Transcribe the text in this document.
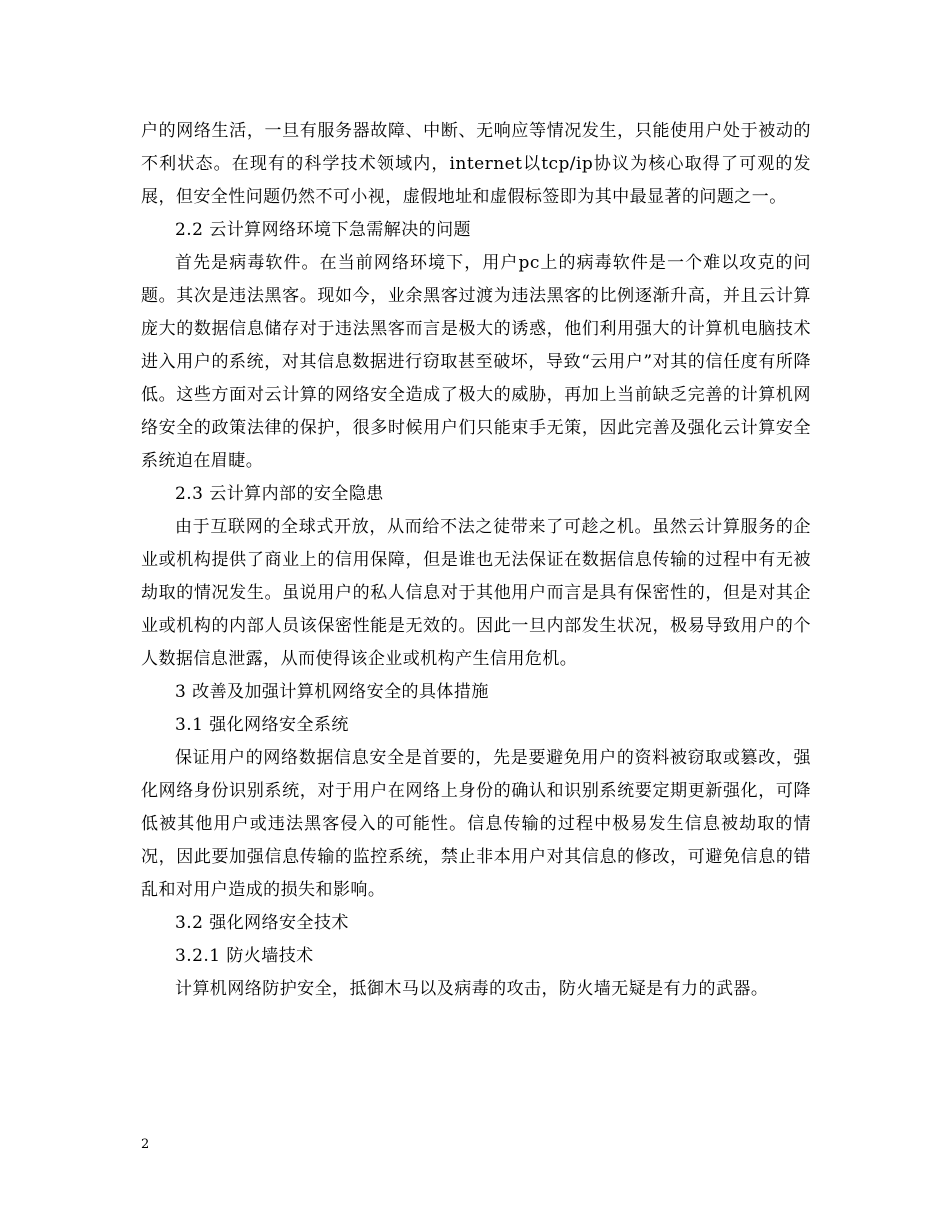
户的网络生活，一旦有服务器故障、中断、无响应等情况发生，只能使用户处于被动的不利状态。在现有的科学技术领域内，internet以tcp/ip协议为核心取得了可观的发展，但安全性问题仍然不可小视，虚假地址和虚假标签即为其中最显著的问题之一。

2.2 云计算网络环境下急需解决的问题

首先是病毒软件。在当前网络环境下，用户pc上的病毒软件是一个难以攻克的问题。其次是违法黑客。现如今，业余黑客过渡为违法黑客的比例逐渐升高，并且云计算庞大的数据信息储存对于违法黑客而言是极大的诱惑，他们利用强大的计算机电脑技术进入用户的系统，对其信息数据进行窃取甚至破坏，导致“云用户”对其的信任度有所降低。这些方面对云计算的网络安全造成了极大的威胁，再加上当前缺乏完善的计算机网络安全的政策法律的保护，很多时候用户们只能束手无策，因此完善及强化云计算安全系统迫在眉睫。

2.3 云计算内部的安全隐患

由于互联网的全球式开放，从而给不法之徒带来了可趁之机。虽然云计算服务的企业或机构提供了商业上的信用保障，但是谁也无法保证在数据信息传输的过程中有无被劫取的情况发生。虽说用户的私人信息对于其他用户而言是具有保密性的，但是对其企业或机构的内部人员该保密性能是无效的。因此一旦内部发生状况，极易导致用户的个人数据信息泄露，从而使得该企业或机构产生信用危机。

3 改善及加强计算机网络安全的具体措施

3.1 强化网络安全系统

保证用户的网络数据信息安全是首要的，先是要避免用户的资料被窃取或篡改，强化网络身份识别系统，对于用户在网络上身份的确认和识别系统要定期更新强化，可降低被其他用户或违法黑客侵入的可能性。信息传输的过程中极易发生信息被劫取的情况，因此要加强信息传输的监控系统，禁止非本用户对其信息的修改，可避免信息的错乱和对用户造成的损失和影响。

3.2 强化网络安全技术

3.2.1 防火墙技术

计算机网络防护安全，抵御木马以及病毒的攻击，防火墙无疑是有力的武器。

2
